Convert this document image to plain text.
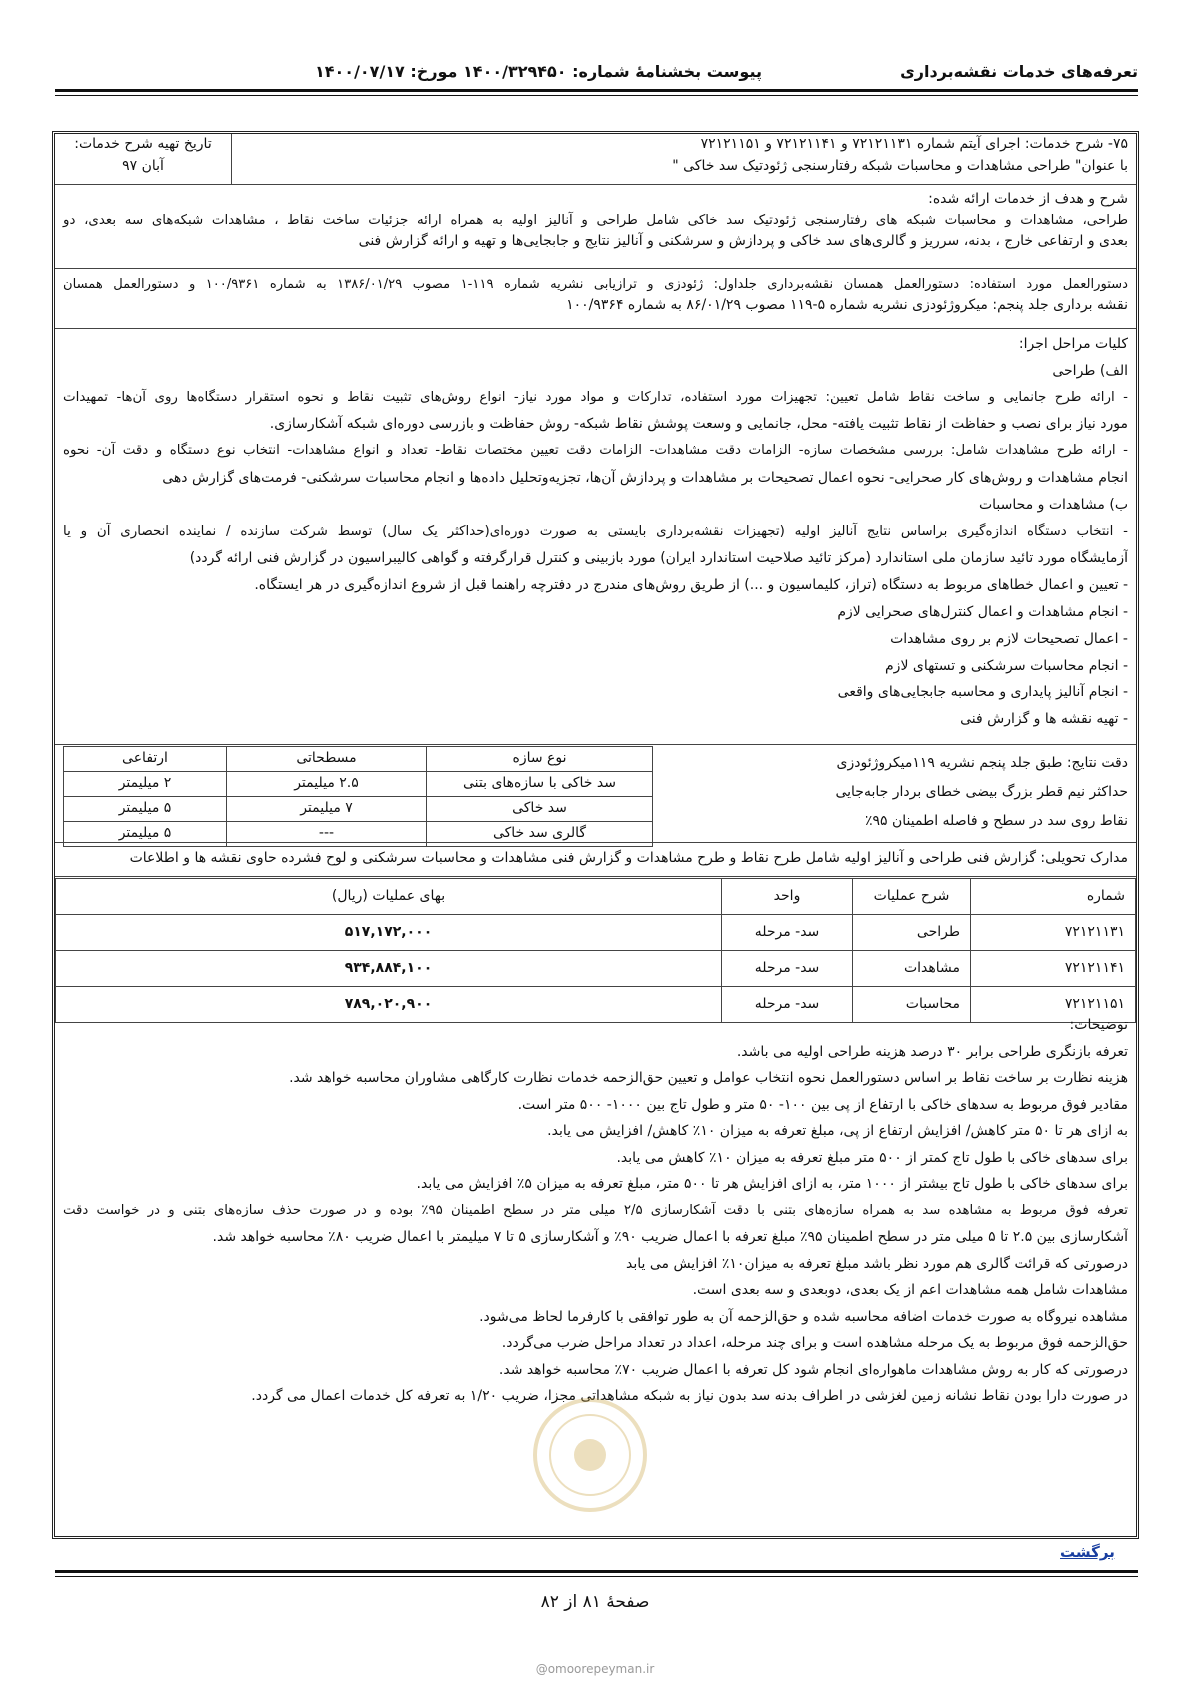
تعرفه‌های خدمات نقشه‌برداری
پیوست بخشنامهٔ شماره: ۱۴۰۰/۳۲۹۴۵۰ مورخ: ۱۴۰۰/۰۷/۱۷
۷۵- شرح خدمات: اجرای آیتم شماره ۷۲۱۲۱۱۳۱ و ۷۲۱۲۱۱۴۱ و ۷۲۱۲۱۱۵۱
با عنوان" طراحی مشاهدات و محاسبات شبکه رفتارسنجی ژئودتیک سد خاکی "
تاریخ تهیه شرح خدمات:
آبان ۹۷
شرح و هدف از خدمات ارائه شده:
طراحی، مشاهدات و محاسبات شبکه های رفتارسنجی ژئودتیک سد خاکی شامل طراحی و آنالیز اولیه به همراه ارائه جزئیات ساخت نقاط ، مشاهدات شبکه‌های سه بعدی، دو
بعدی و ارتفاعی خارج ، بدنه، سرریز و گالری‌های سد خاکی و پردازش و سرشکنی و آنالیز نتایج و جابجایی‌ها و تهیه و ارائه گزارش فنی
دستورالعمل مورد استفاده: دستورالعمل همسان نقشه‌برداری جلداول: ژئودزی و ترازیابی نشریه شماره ۱۱۹-۱ مصوب ۱۳۸۶/۰۱/۲۹ به شماره ۱۰۰/۹۳۶۱ و دستورالعمل همسان
نقشه برداری جلد پنجم: میکروژئودزی نشریه شماره ۵-۱۱۹ مصوب ۸۶/۰۱/۲۹ به شماره ۱۰۰/۹۳۶۴
کلیات مراحل اجرا:
الف) طراحی
- ارائه طرح جانمایی و ساخت نقاط شامل تعیین: تجهیزات مورد استفاده، تدارکات و مواد مورد نیاز- انواع روش‌های تثبیت نقاط و نحوه استقرار دستگاه‌ها روی آن‌ها- تمهیدات
مورد نیاز برای نصب و حفاظت از نقاط تثبیت یافته- محل، جانمایی و وسعت پوشش نقاط شبکه- روش حفاظت و بازرسی دوره‌ای شبکه آشکارسازی.
- ارائه طرح مشاهدات شامل: بررسی مشخصات سازه- الزامات دقت مشاهدات- الزامات دقت تعیین مختصات نقاط- تعداد و انواع مشاهدات- انتخاب نوع دستگاه و دقت آن- نحوه
انجام مشاهدات و روش‌های کار صحرایی- نحوه اعمال تصحیحات بر مشاهدات و پردازش آن‌ها، تجزیه‌وتحلیل داده‌ها و انجام محاسبات سرشکنی- فرمت‌های گزارش دهی
ب) مشاهدات و محاسبات
- انتخاب دستگاه اندازه‌گیری براساس نتایج آنالیز اولیه (تجهیزات نقشه‌برداری بایستی به صورت دوره‌ای(حداکثر یک سال) توسط شرکت سازنده / نماینده انحصاری آن و یا
آزمایشگاه مورد تائید سازمان ملی استاندارد (مرکز تائید صلاحیت استاندارد ایران) مورد بازبینی و کنترل قرارگرفته و گواهی کالیبراسیون در گزارش فنی ارائه گردد)
- تعیین و اعمال خطاهای مربوط به دستگاه (تراز، کلیماسیون و ...) از طریق روش‌های مندرج در دفترچه راهنما قبل از شروع اندازه‌گیری در هر ایستگاه.
- انجام مشاهدات و اعمال کنترل‌های صحرایی لازم
- اعمال تصحیحات لازم بر روی مشاهدات
- انجام محاسبات سرشکنی و تستهای لازم
- انجام آنالیز پایداری و محاسبه جابجایی‌های واقعی
- تهیه نقشه ها و گزارش فنی
دقت نتایج: طبق جلد پنجم نشریه ۱۱۹میکروژئودزی
حداکثر نیم قطر بزرگ بیضی خطای بردار جابه‌جایی
نقاط روی سد در سطح و فاصله اطمینان ۹۵٪
نوع سازه	مسطحاتی	ارتفاعی
سد خاکی با سازه‌های بتنی	۲.۵ میلیمتر	۲ میلیمتر
سد خاکی	۷ میلیمتر	۵ میلیمتر
گالری سد خاکی	---	۵ میلیمتر
مدارک تحویلی: گزارش فنی طراحی و آنالیز اولیه شامل طرح نقاط و طرح مشاهدات و گزارش فنی مشاهدات و محاسبات سرشکنی و لوح فشرده حاوی نقشه ها و اطلاعات
شماره	شرح عملیات	واحد	بهای عملیات (ریال)
۷۲۱۲۱۱۳۱	طراحی	سد- مرحله	۵۱۷,۱۷۲,۰۰۰
۷۲۱۲۱۱۴۱	مشاهدات	سد- مرحله	۹۳۴,۸۸۴,۱۰۰
۷۲۱۲۱۱۵۱	محاسبات	سد- مرحله	۷۸۹,۰۲۰,۹۰۰
توضیحات:
تعرفه بازنگری طراحی برابر ۳۰ درصد هزینه طراحی اولیه می باشد.
هزینه نظارت بر ساخت نقاط بر اساس دستورالعمل نحوه انتخاب عوامل و تعیین حق‌الزحمه خدمات نظارت کارگاهی مشاوران محاسبه خواهد شد.
مقادیر فوق مربوط به سدهای خاکی با ارتفاع از پی بین ۱۰۰- ۵۰ متر و طول تاج بین ۱۰۰۰- ۵۰۰ متر است.
به ازای هر تا ۵۰ متر کاهش/ افزایش ارتفاع از پی، مبلغ تعرفه به میزان ۱۰٪ کاهش/ افزایش می یابد.
برای سدهای خاکی با طول تاج کمتر از ۵۰۰ متر مبلغ تعرفه به میزان ۱۰٪ کاهش می یابد.
برای سدهای خاکی با طول تاج بیشتر از ۱۰۰۰ متر، به ازای افزایش هر تا ۵۰۰ متر، مبلغ تعرفه به میزان ۵٪ افزایش می یابد.
تعرفه فوق مربوط به مشاهده سد به همراه سازه‌های بتنی با دقت آشکارسازی ۲/۵ میلی متر در سطح اطمینان ۹۵٪ بوده و در صورت حذف سازه‌های بتنی و در خواست دقت
آشکارسازی بین ۲.۵ تا ۵ میلی متر در سطح اطمینان ۹۵٪ مبلغ تعرفه با اعمال ضریب ۹۰٪ و آشکارسازی ۵ تا ۷ میلیمتر با اعمال ضریب ۸۰٪ محاسبه خواهد شد.
درصورتی که قرائت گالری هم مورد نظر باشد مبلغ تعرفه به میزان۱۰٪ افزایش می یابد
مشاهدات شامل همه مشاهدات اعم از یک بعدی، دوبعدی و سه بعدی است.
مشاهده نیروگاه به صورت خدمات اضافه محاسبه شده و حق‌الزحمه آن به طور توافقی با کارفرما لحاظ می‌شود.
حق‌الزحمه فوق مربوط به یک مرحله مشاهده است و برای چند مرحله، اعداد در تعداد مراحل ضرب می‌گردد.
درصورتی که کار به روش مشاهدات ماهواره‌ای انجام شود کل تعرفه با اعمال ضریب ۷۰٪ محاسبه خواهد شد.
در صورت دارا بودن نقاط نشانه زمین لغزشی در اطراف بدنه سد بدون نیاز به شبکه مشاهداتی مجزا، ضریب ۱/۲۰ به تعرفه کل خدمات اعمال می گردد.
برگشت
صفحهٔ ۸۱ از ۸۲
@omoorepeyman.ir
